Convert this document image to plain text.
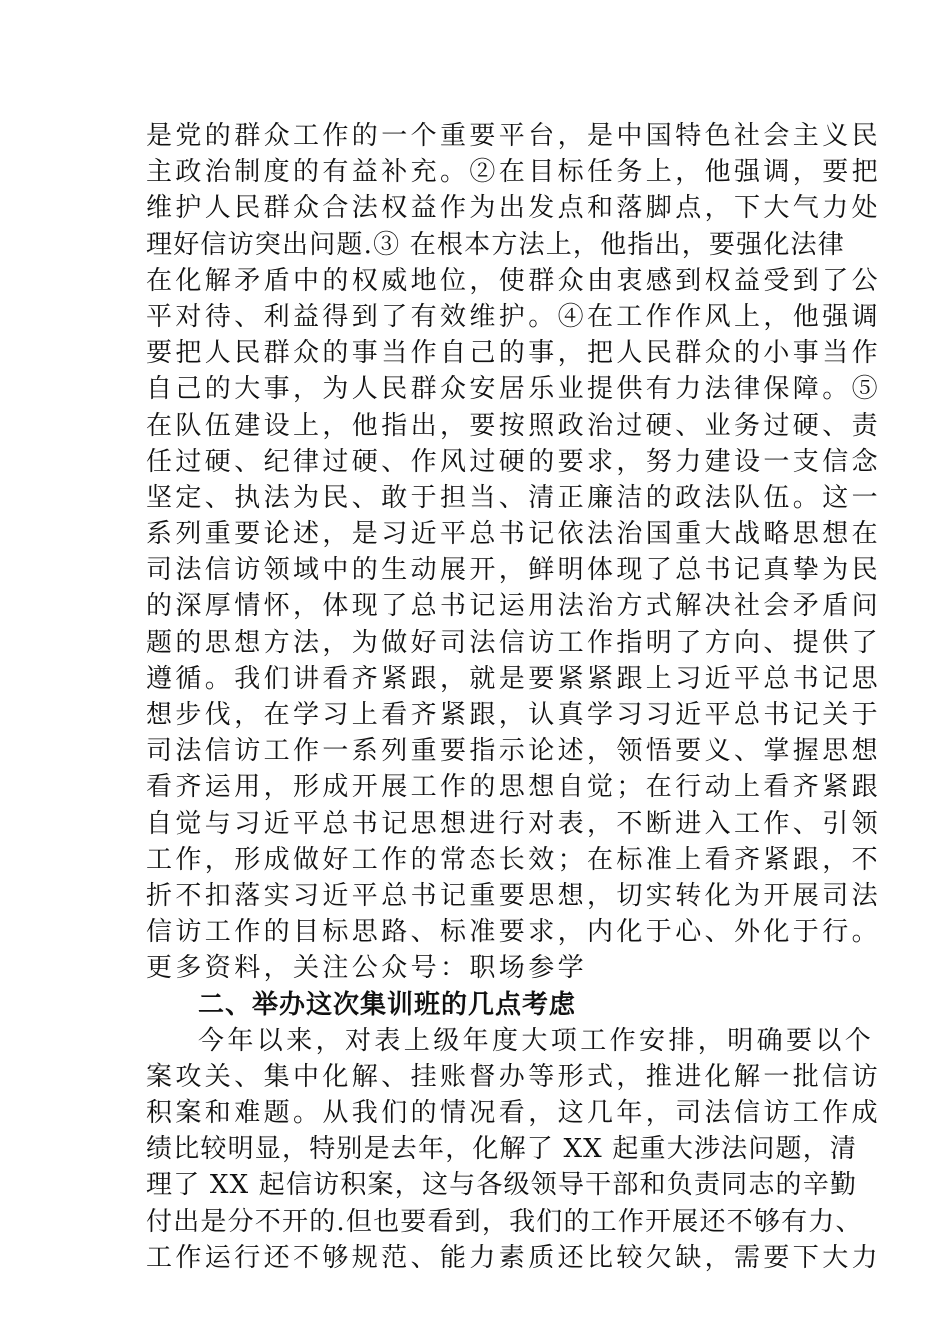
是党的群众工作的一个重要平台，是中国特色社会主义民
主政治制度的有益补充。②在目标任务上，他强调，要把
维护人民群众合法权益作为出发点和落脚点，下大气力处
理好信访突出问题.③ 在根本方法上，他指出，要强化法律
在化解矛盾中的权威地位，使群众由衷感到权益受到了公
平对待、利益得到了有效维护。④在工作作风上，他强调
要把人民群众的事当作自己的事，把人民群众的小事当作
自己的大事，为人民群众安居乐业提供有力法律保障。⑤
在队伍建设上，他指出，要按照政治过硬、业务过硬、责
任过硬、纪律过硬、作风过硬的要求，努力建设一支信念
坚定、执法为民、敢于担当、清正廉洁的政法队伍。这一
系列重要论述，是习近平总书记依法治国重大战略思想在
司法信访领域中的生动展开，鲜明体现了总书记真挚为民
的深厚情怀，体现了总书记运用法治方式解决社会矛盾问
题的思想方法，为做好司法信访工作指明了方向、提供了
遵循。我们讲看齐紧跟，就是要紧紧跟上习近平总书记思
想步伐，在学习上看齐紧跟，认真学习习近平总书记关于
司法信访工作一系列重要指示论述，领悟要义、掌握思想
看齐运用，形成开展工作的思想自觉；在行动上看齐紧跟
自觉与习近平总书记思想进行对表，不断进入工作、引领
工作，形成做好工作的常态长效；在标准上看齐紧跟，不
折不扣落实习近平总书记重要思想，切实转化为开展司法
信访工作的目标思路、标准要求，内化于心、外化于行。
更多资料，关注公众号：职场参学
二、举办这次集训班的几点考虑
今年以来，对表上级年度大项工作安排，明确要以个
案攻关、集中化解、挂账督办等形式，推进化解一批信访
积案和难题。从我们的情况看，这几年，司法信访工作成
绩比较明显，特别是去年，化解了 XX 起重大涉法问题，清
理了 XX 起信访积案，这与各级领导干部和负责同志的辛勤
付出是分不开的.但也要看到，我们的工作开展还不够有力、
工作运行还不够规范、能力素质还比较欠缺，需要下大力
